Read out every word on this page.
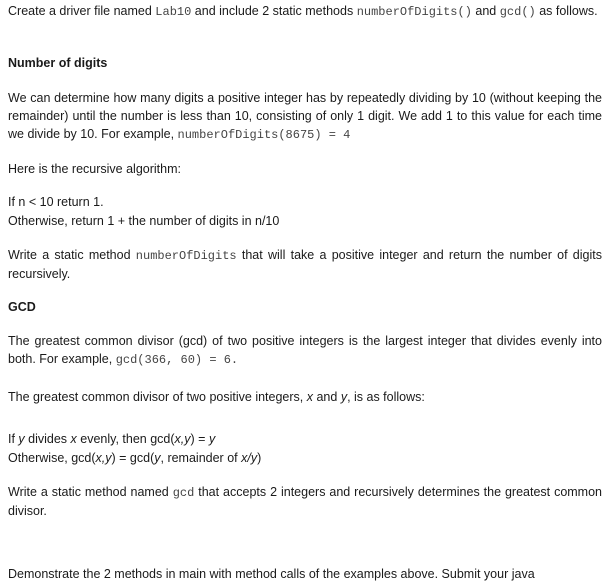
Create a driver file named Lab10 and include 2 static methods numberOfDigits() and gcd() as follows.

Number of digits

We can determine how many digits a positive integer has by repeatedly dividing by 10 (without keeping the remainder) until the number is less than 10, consisting of only 1 digit. We add 1 to this value for each time we divide by 10. For example, numberOfDigits(8675) = 4

Here is the recursive algorithm:

If n < 10 return 1.

Otherwise, return 1 + the number of digits in n/10

Write a static method numberOfDigits that will take a positive integer and return the number of digits recursively.

GCD

The greatest common divisor (gcd) of two positive integers is the largest integer that divides evenly into both. For example, gcd(366, 60) = 6.

The greatest common divisor of two positive integers, x and y, is as follows:

If y divides x evenly, then gcd(x,y) = y

Otherwise, gcd(x,y) = gcd(y, remainder of x/y)

Write a static method named gcd that accepts 2 integers and recursively determines the greatest common divisor.

Demonstrate the 2 methods in main with method calls of the examples above. Submit your java
